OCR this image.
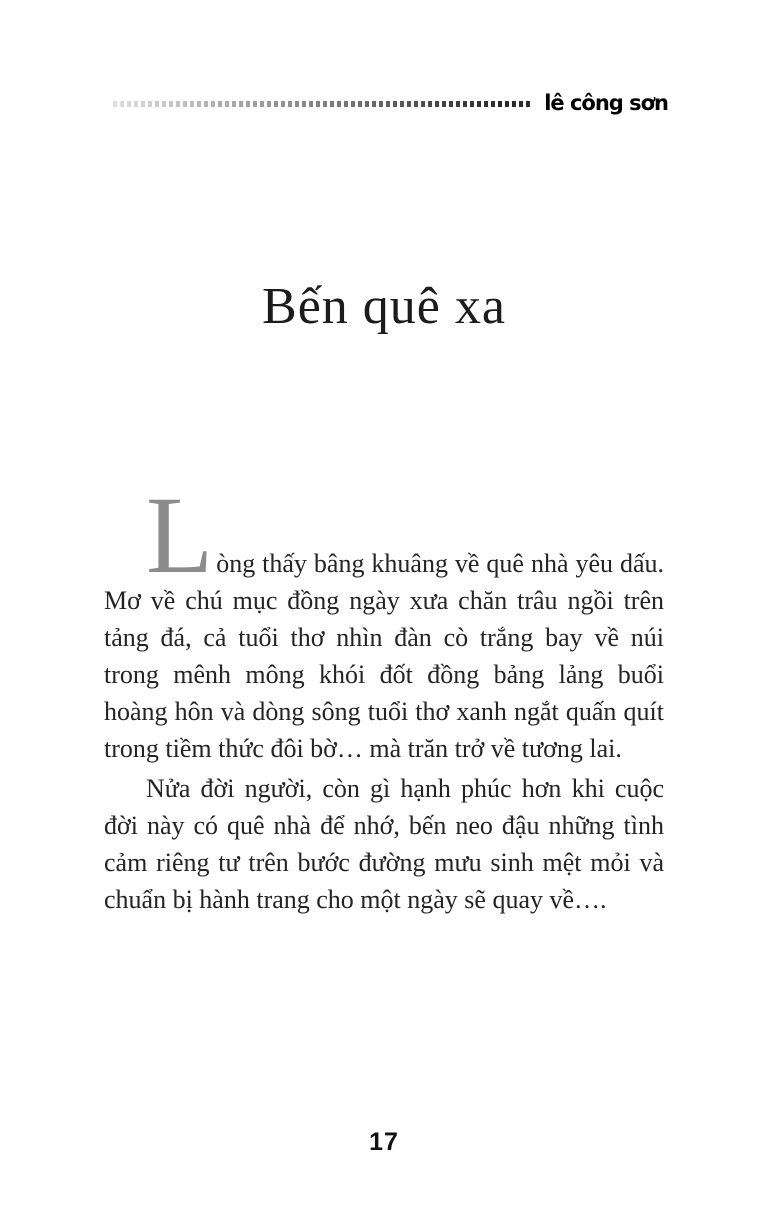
lê công sơn
Bến quê xa

Lòng thấy bâng khuâng về quê nhà yêu dấu. Mơ về chú mục đồng ngày xưa chăn trâu ngồi trên tảng đá, cả tuổi thơ nhìn đàn cò trắng bay về núi trong mênh mông khói đốt đồng bảng lảng buổi hoàng hôn và dòng sông tuổi thơ xanh ngắt quấn quít trong tiềm thức đôi bờ… mà trăn trở về tương lai.

Nửa đời người, còn gì hạnh phúc hơn khi cuộc đời này có quê nhà để nhớ, bến neo đậu những tình cảm riêng tư trên bước đường mưu sinh mệt mỏi và chuẩn bị hành trang cho một ngày sẽ quay về….

17
